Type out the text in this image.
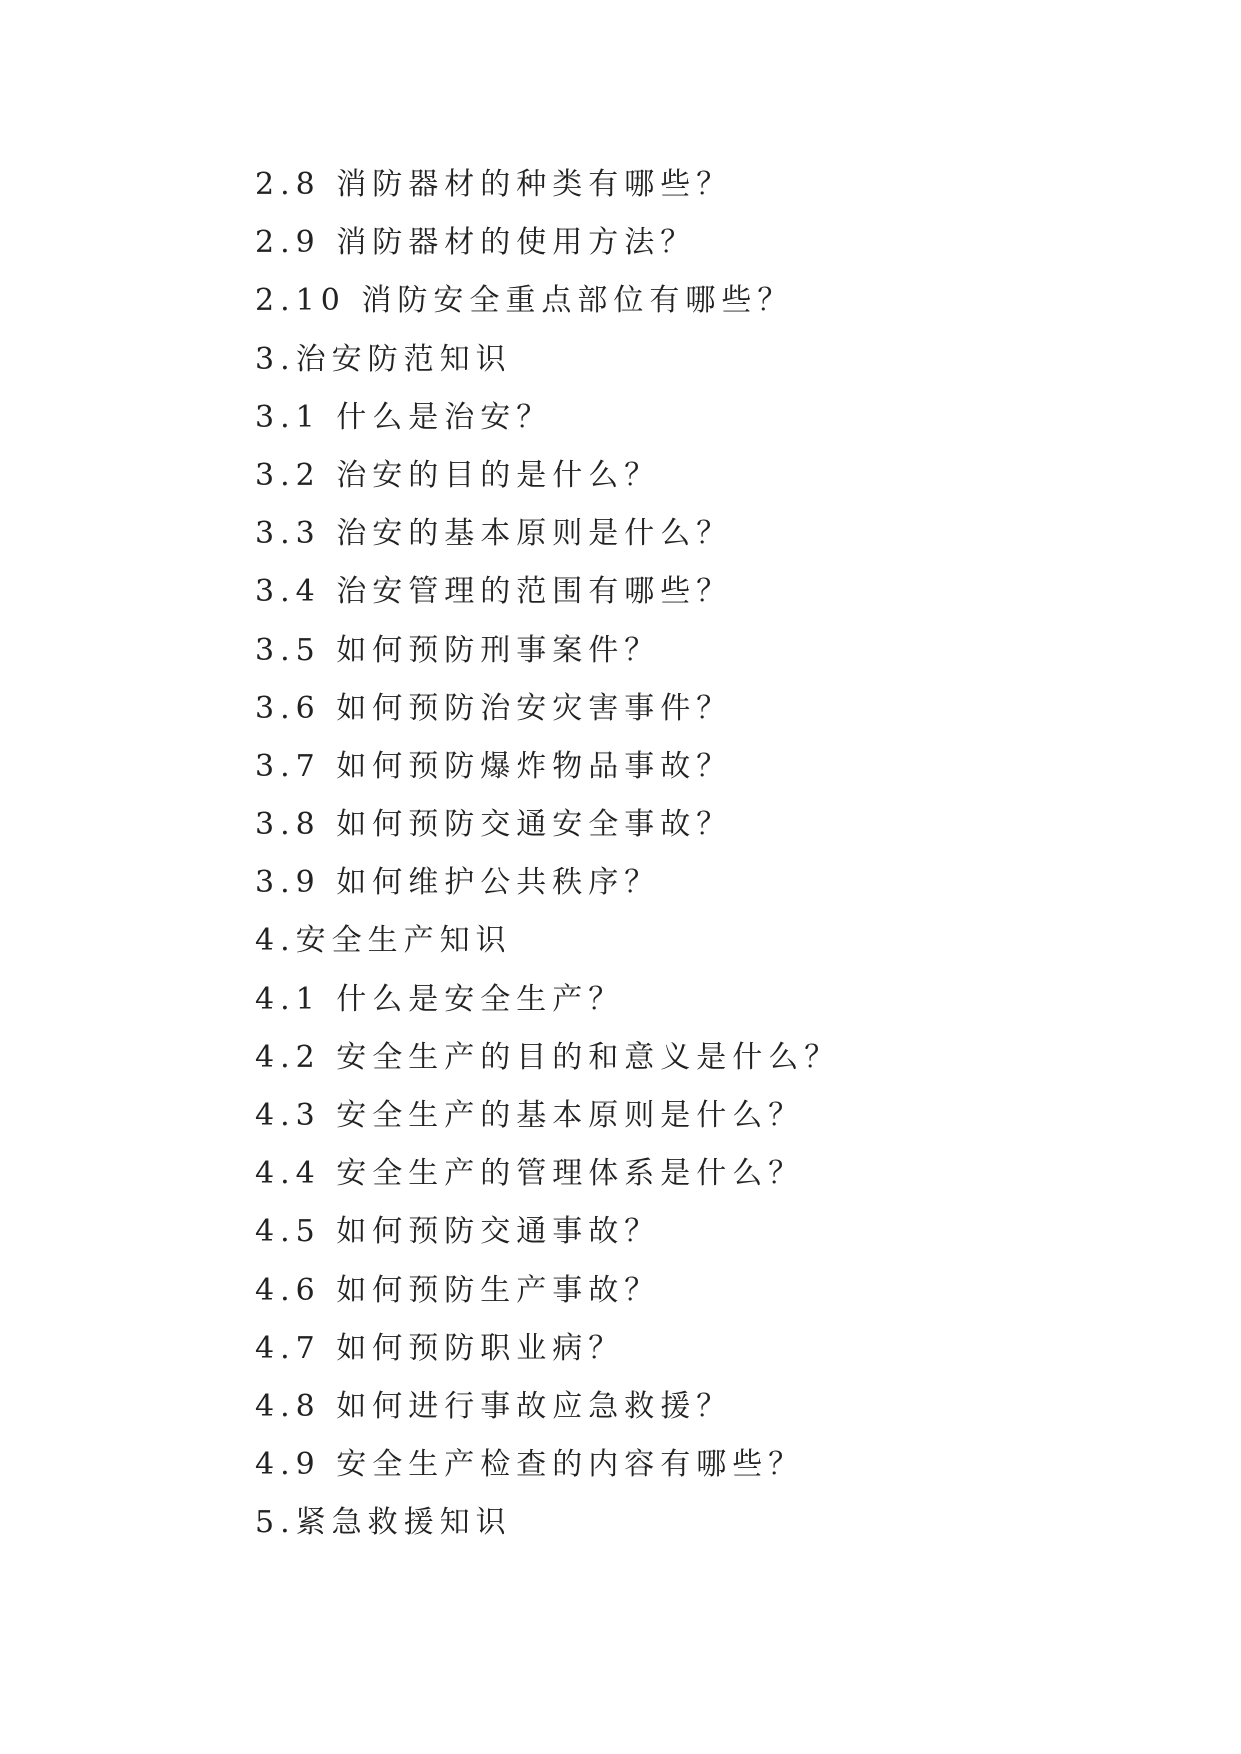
2.8 消防器材的种类有哪些？
2.9 消防器材的使用方法？
2.10 消防安全重点部位有哪些？
3.治安防范知识
3.1 什么是治安？
3.2 治安的目的是什么？
3.3 治安的基本原则是什么？
3.4 治安管理的范围有哪些？
3.5 如何预防刑事案件？
3.6 如何预防治安灾害事件？
3.7 如何预防爆炸物品事故？
3.8 如何预防交通安全事故？
3.9 如何维护公共秩序？
4.安全生产知识
4.1 什么是安全生产？
4.2 安全生产的目的和意义是什么？
4.3 安全生产的基本原则是什么？
4.4 安全生产的管理体系是什么？
4.5 如何预防交通事故？
4.6 如何预防生产事故？
4.7 如何预防职业病？
4.8 如何进行事故应急救援？
4.9 安全生产检查的内容有哪些？
5.紧急救援知识
